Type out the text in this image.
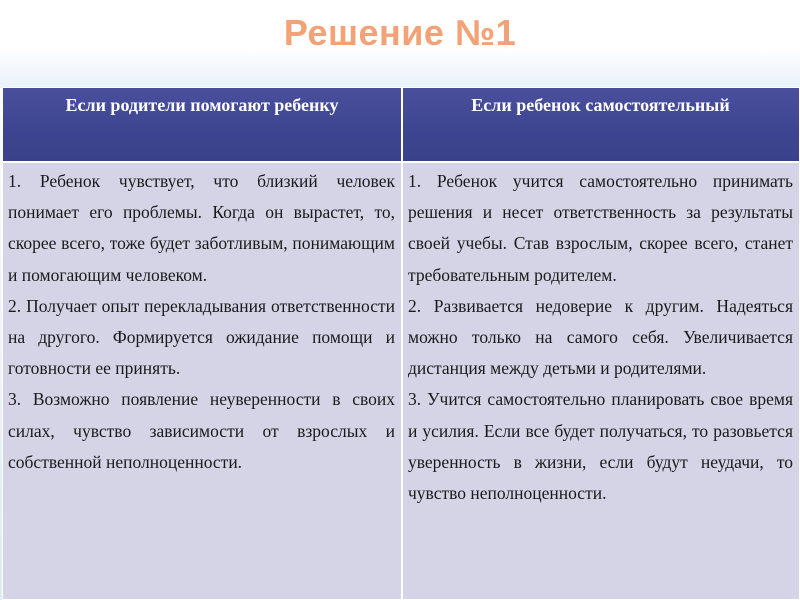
Решение №1
Если родители помогают ребенку	Если ребенок самостоятельный

1. Ребенок чувствует, что близкий человек понимает его проблемы. Когда он вырастет, то, скорее всего, тоже будет заботливым, понимающим и помогающим человеком.

2. Получает опыт перекладывания ответственности на другого. Формируется ожидание помощи и готовности ее принять.

3. Возможно появление неуверенности в своих силах, чувство зависимости от взрослых и собственной неполноценности.

1. Ребенок учится самостоятельно принимать решения и несет ответственность за результаты своей учебы. Став взрослым, скорее всего, станет требовательным родителем.

2. Развивается недоверие к другим. Надеяться можно только на самого себя. Увеличивается дистанция между детьми и родителями.

3. Учится самостоятельно планировать свое время и усилия. Если все будет получаться, то разовьется уверенность в жизни, если будут неудачи, то чувство неполноценности.
